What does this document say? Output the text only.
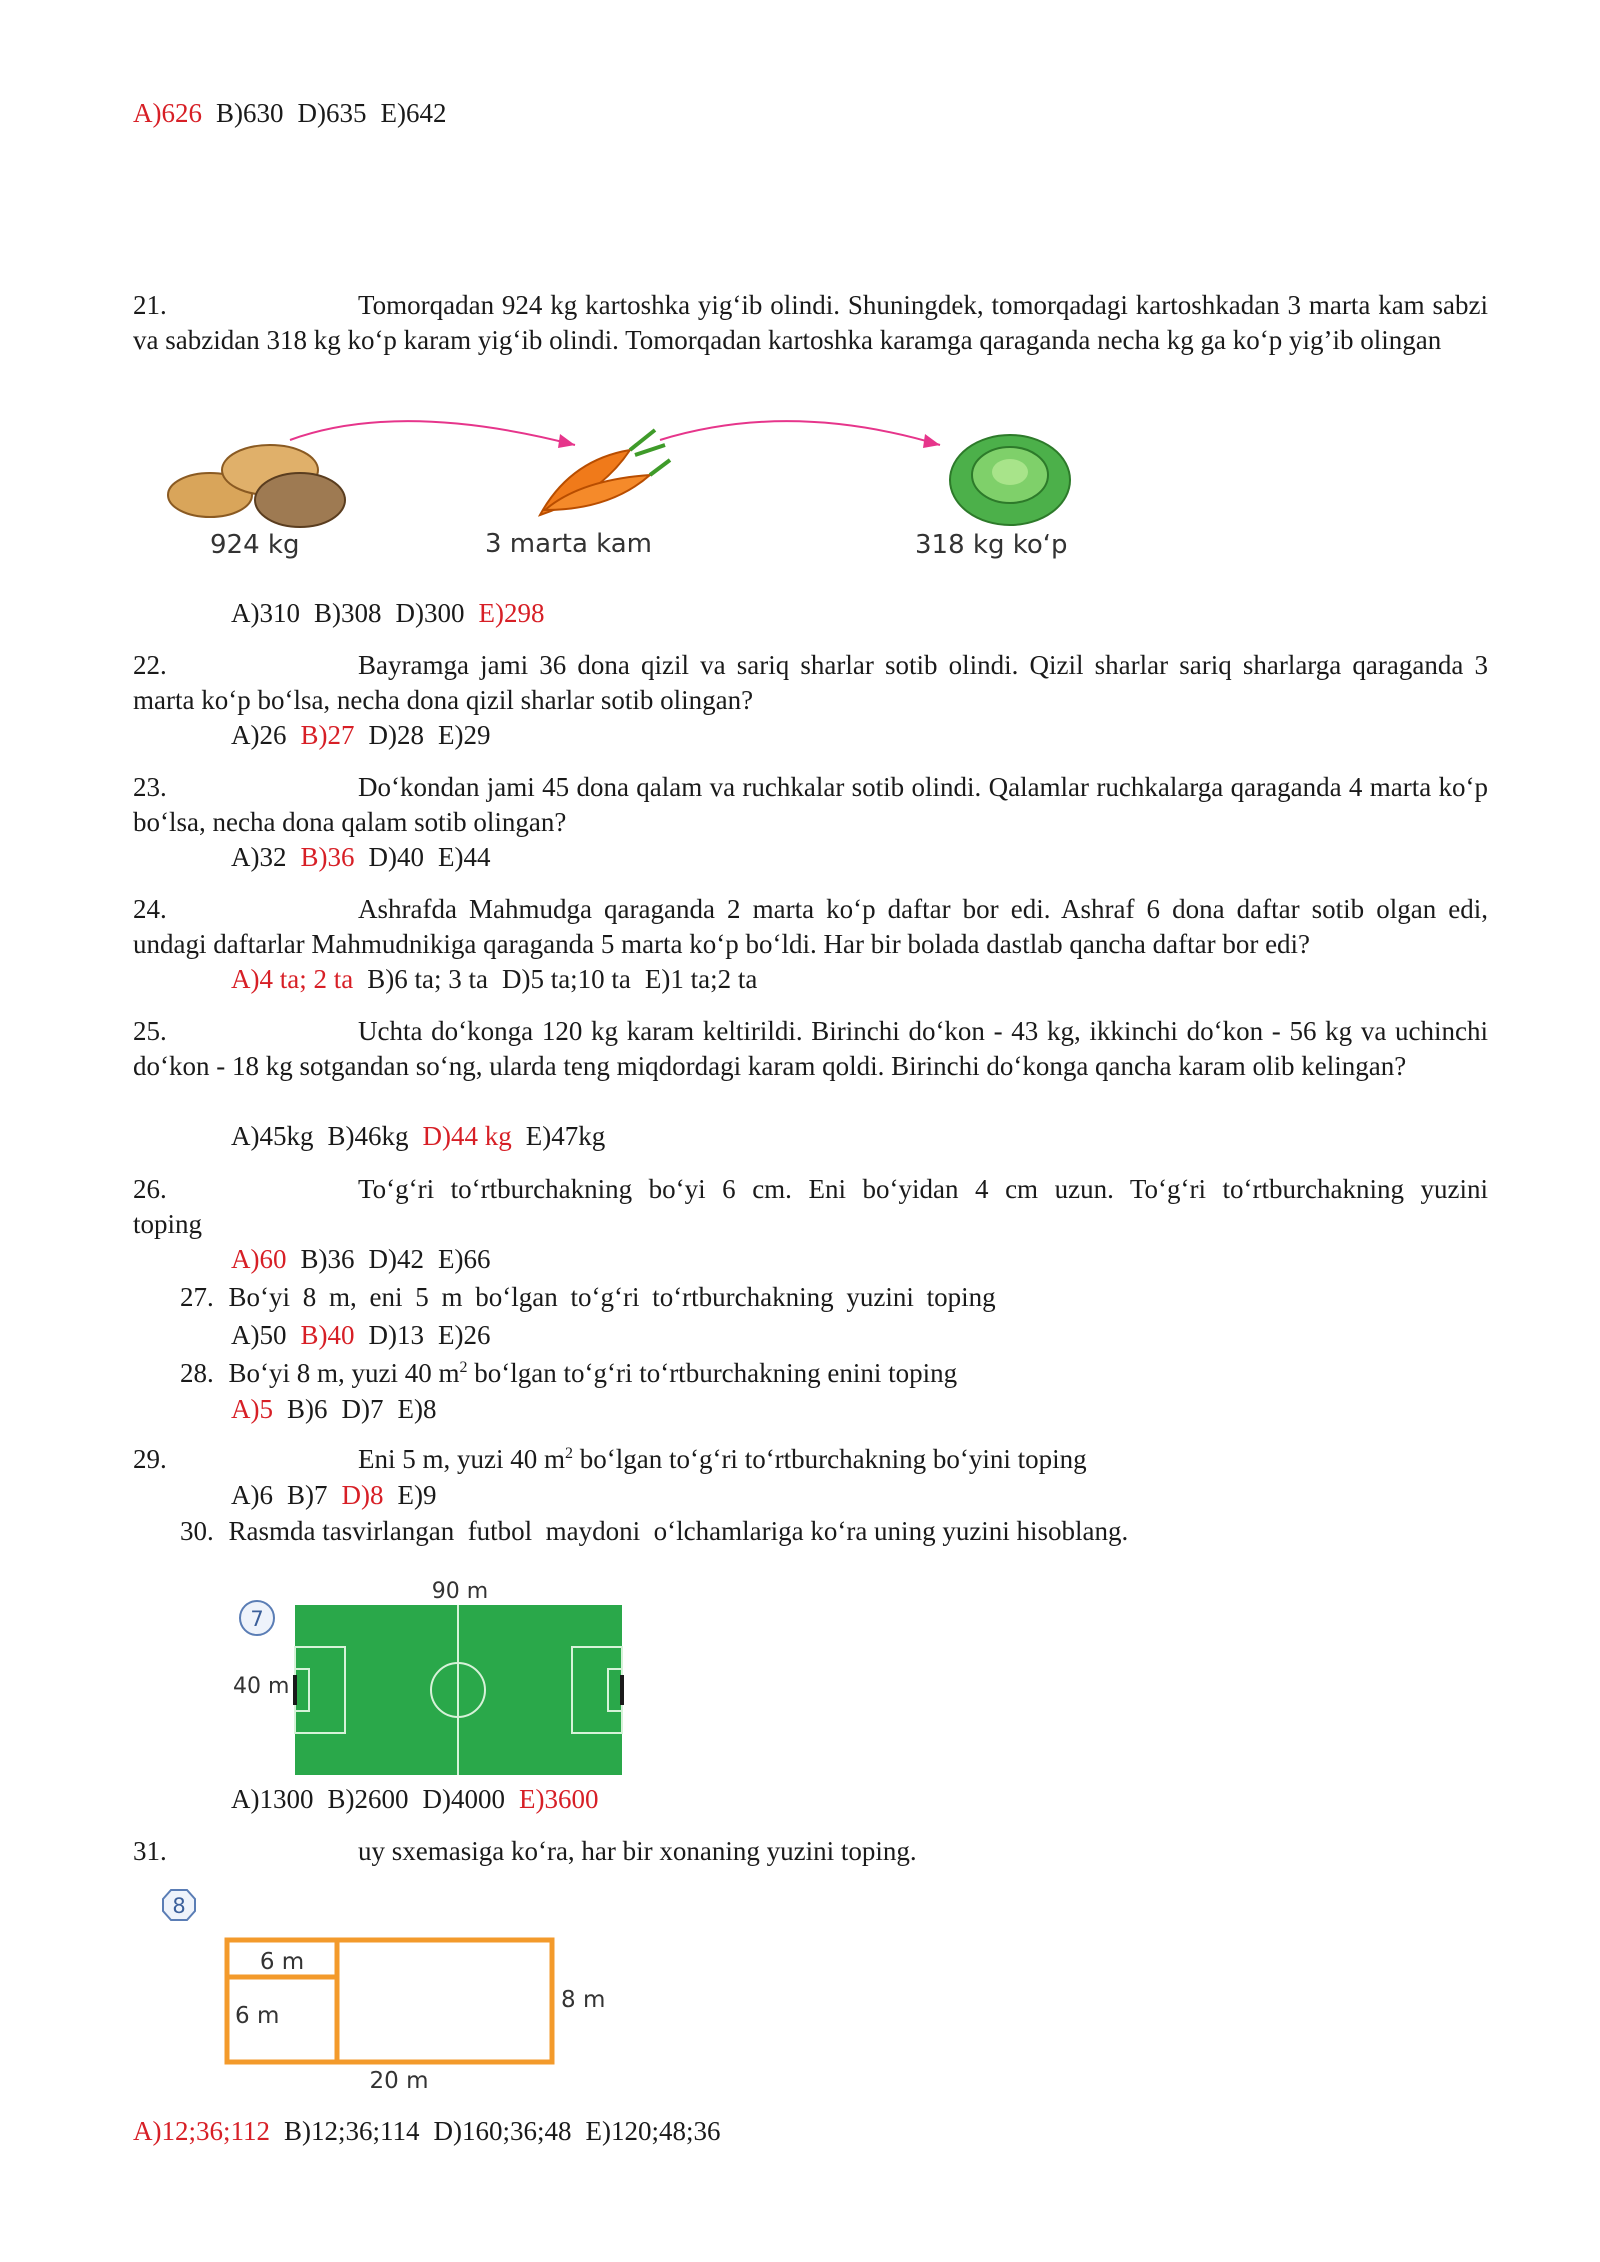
A)626 B)630 D)635 E)642
21.	Tomorqadan 924 kg kartoshka yig‘ib olindi. Shuningdek, tomorqadagi kartoshkadan 3 marta kam sabzi va sabzidan 318 kg ko‘p karam yig‘ib olindi. Tomorqadan kartoshka karamga qaraganda necha kg ga ko‘p yig’ib olingan
924 kg	3 marta kam	318 kg ko‘p
A)310 B)308 D)300 E)298
22.	Bayramga jami 36 dona qizil va sariq sharlar sotib olindi. Qizil sharlar sariq sharlarga qaraganda 3 marta ko‘p bo‘lsa, necha dona qizil sharlar sotib olingan?
A)26 B)27 D)28 E)29
23.	Do‘kondan jami 45 dona qalam va ruchkalar sotib olindi. Qalamlar ruchkalarga qaraganda 4 marta ko‘p bo‘lsa, necha dona qalam sotib olingan?
A)32 B)36 D)40 E)44
24.	Ashrafda Mahmudga qaraganda 2 marta ko‘p daftar bor edi. Ashraf 6 dona daftar sotib olgan edi, undagi daftarlar Mahmudnikiga qaraganda 5 marta ko‘p bo‘ldi. Har bir bolada dastlab qancha daftar bor edi?
A)4 ta; 2 ta B)6 ta; 3 ta D)5 ta;10 ta E)1 ta;2 ta
25.	Uchta do‘konga 120 kg karam keltirildi. Birinchi do‘kon - 43 kg, ikkinchi do‘kon - 56 kg va uchinchi do‘kon - 18 kg sotgandan so‘ng, ularda teng miqdordagi karam qoldi. Birinchi do‘konga qancha karam olib kelingan?
A)45kg B)46kg D)44 kg E)47kg
26.	To‘g‘ri to‘rtburchakning bo‘yi 6 cm. Eni bo‘yidan 4 cm uzun. To‘g‘ri to‘rtburchakning yuzini toping
A)60 B)36 D)42 E)66
27. Bo‘yi 8 m, eni 5 m bo‘lgan to‘g‘ri to‘rtburchakning yuzini toping
A)50 B)40 D)13 E)26
28. Bo‘yi 8 m, yuzi 40 $m^2$ bo‘lgan to‘g‘ri to‘rtburchakning enini toping
A)5 B)6 D)7 E)8
29.	Eni 5 m, yuzi 40 $m^2$ bo‘lgan to‘g‘ri to‘rtburchakning bo‘yini toping
A)6 B)7 D)8 E)9
30. Rasmda tasvirlangan  futbol  maydoni  o‘lchamlariga ko‘ra uning yuzini hisoblang.
7
90 m
40 m
A)1300 B)2600 D)4000 E)3600
31.	uy sxemasiga ko‘ra, har bir xonaning yuzini toping.
8
6 m
6 m
8 m
20 m
A)12;36;112 B)12;36;114 D)160;36;48 E)120;48;36
